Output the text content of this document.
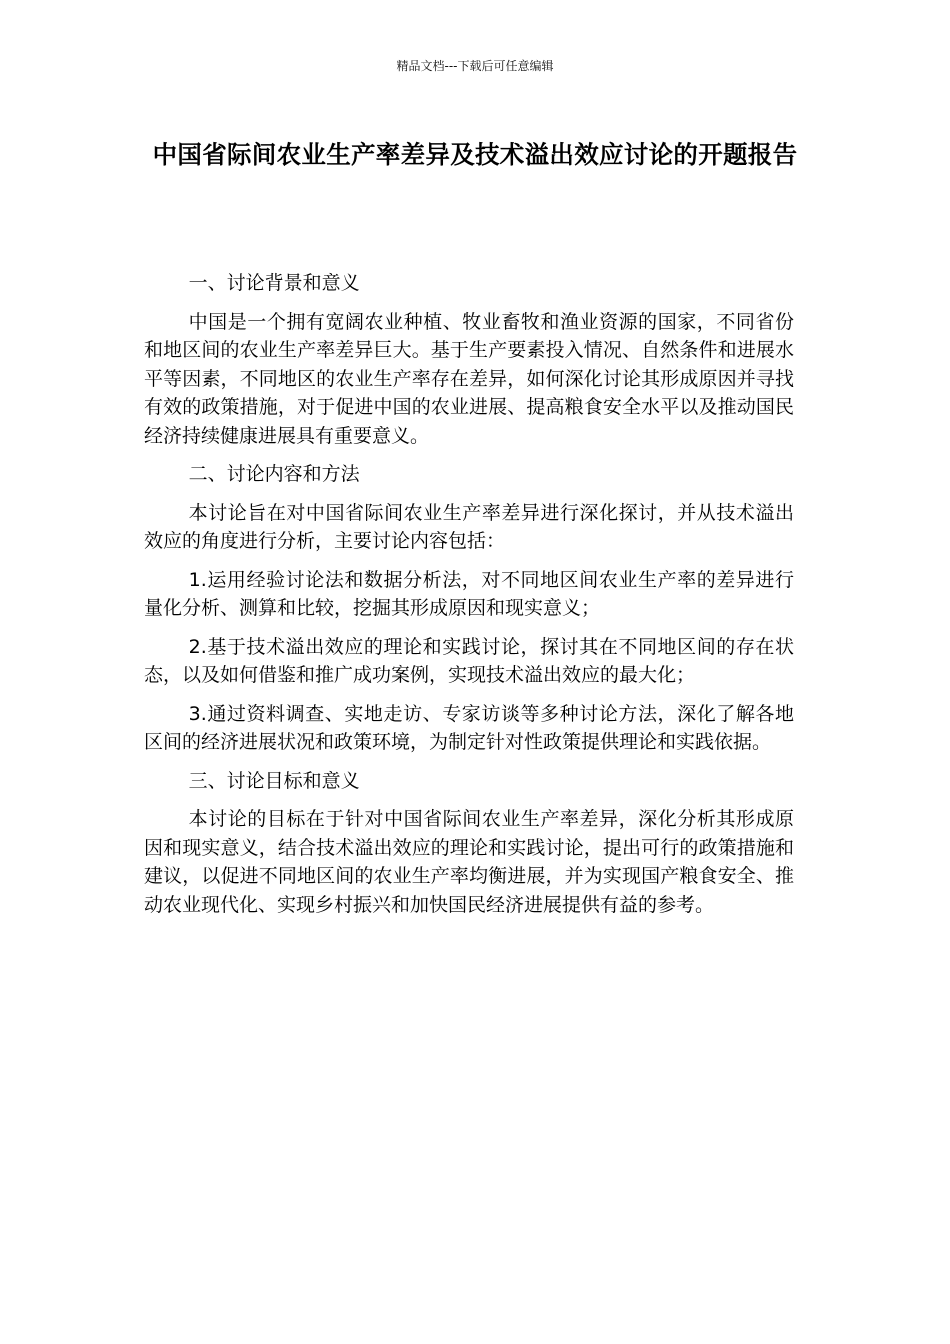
精品文档---下载后可任意编辑
中国省际间农业生产率差异及技术溢出效应讨论的开题报告

一、讨论背景和意义

中国是一个拥有宽阔农业种植、牧业畜牧和渔业资源的国家，不同省份和地区间的农业生产率差异巨大。基于生产要素投入情况、自然条件和进展水平等因素，不同地区的农业生产率存在差异，如何深化讨论其形成原因并寻找有效的政策措施，对于促进中国的农业进展、提高粮食安全水平以及推动国民经济持续健康进展具有重要意义。

二、讨论内容和方法

本讨论旨在对中国省际间农业生产率差异进行深化探讨，并从技术溢出效应的角度进行分析，主要讨论内容包括：

1.运用经验讨论法和数据分析法，对不同地区间农业生产率的差异进行量化分析、测算和比较，挖掘其形成原因和现实意义；

2.基于技术溢出效应的理论和实践讨论，探讨其在不同地区间的存在状态，以及如何借鉴和推广成功案例，实现技术溢出效应的最大化；

3.通过资料调查、实地走访、专家访谈等多种讨论方法，深化了解各地区间的经济进展状况和政策环境，为制定针对性政策提供理论和实践依据。

三、讨论目标和意义

本讨论的目标在于针对中国省际间农业生产率差异，深化分析其形成原因和现实意义，结合技术溢出效应的理论和实践讨论，提出可行的政策措施和建议，以促进不同地区间的农业生产率均衡进展，并为实现国产粮食安全、推动农业现代化、实现乡村振兴和加快国民经济进展提供有益的参考。
